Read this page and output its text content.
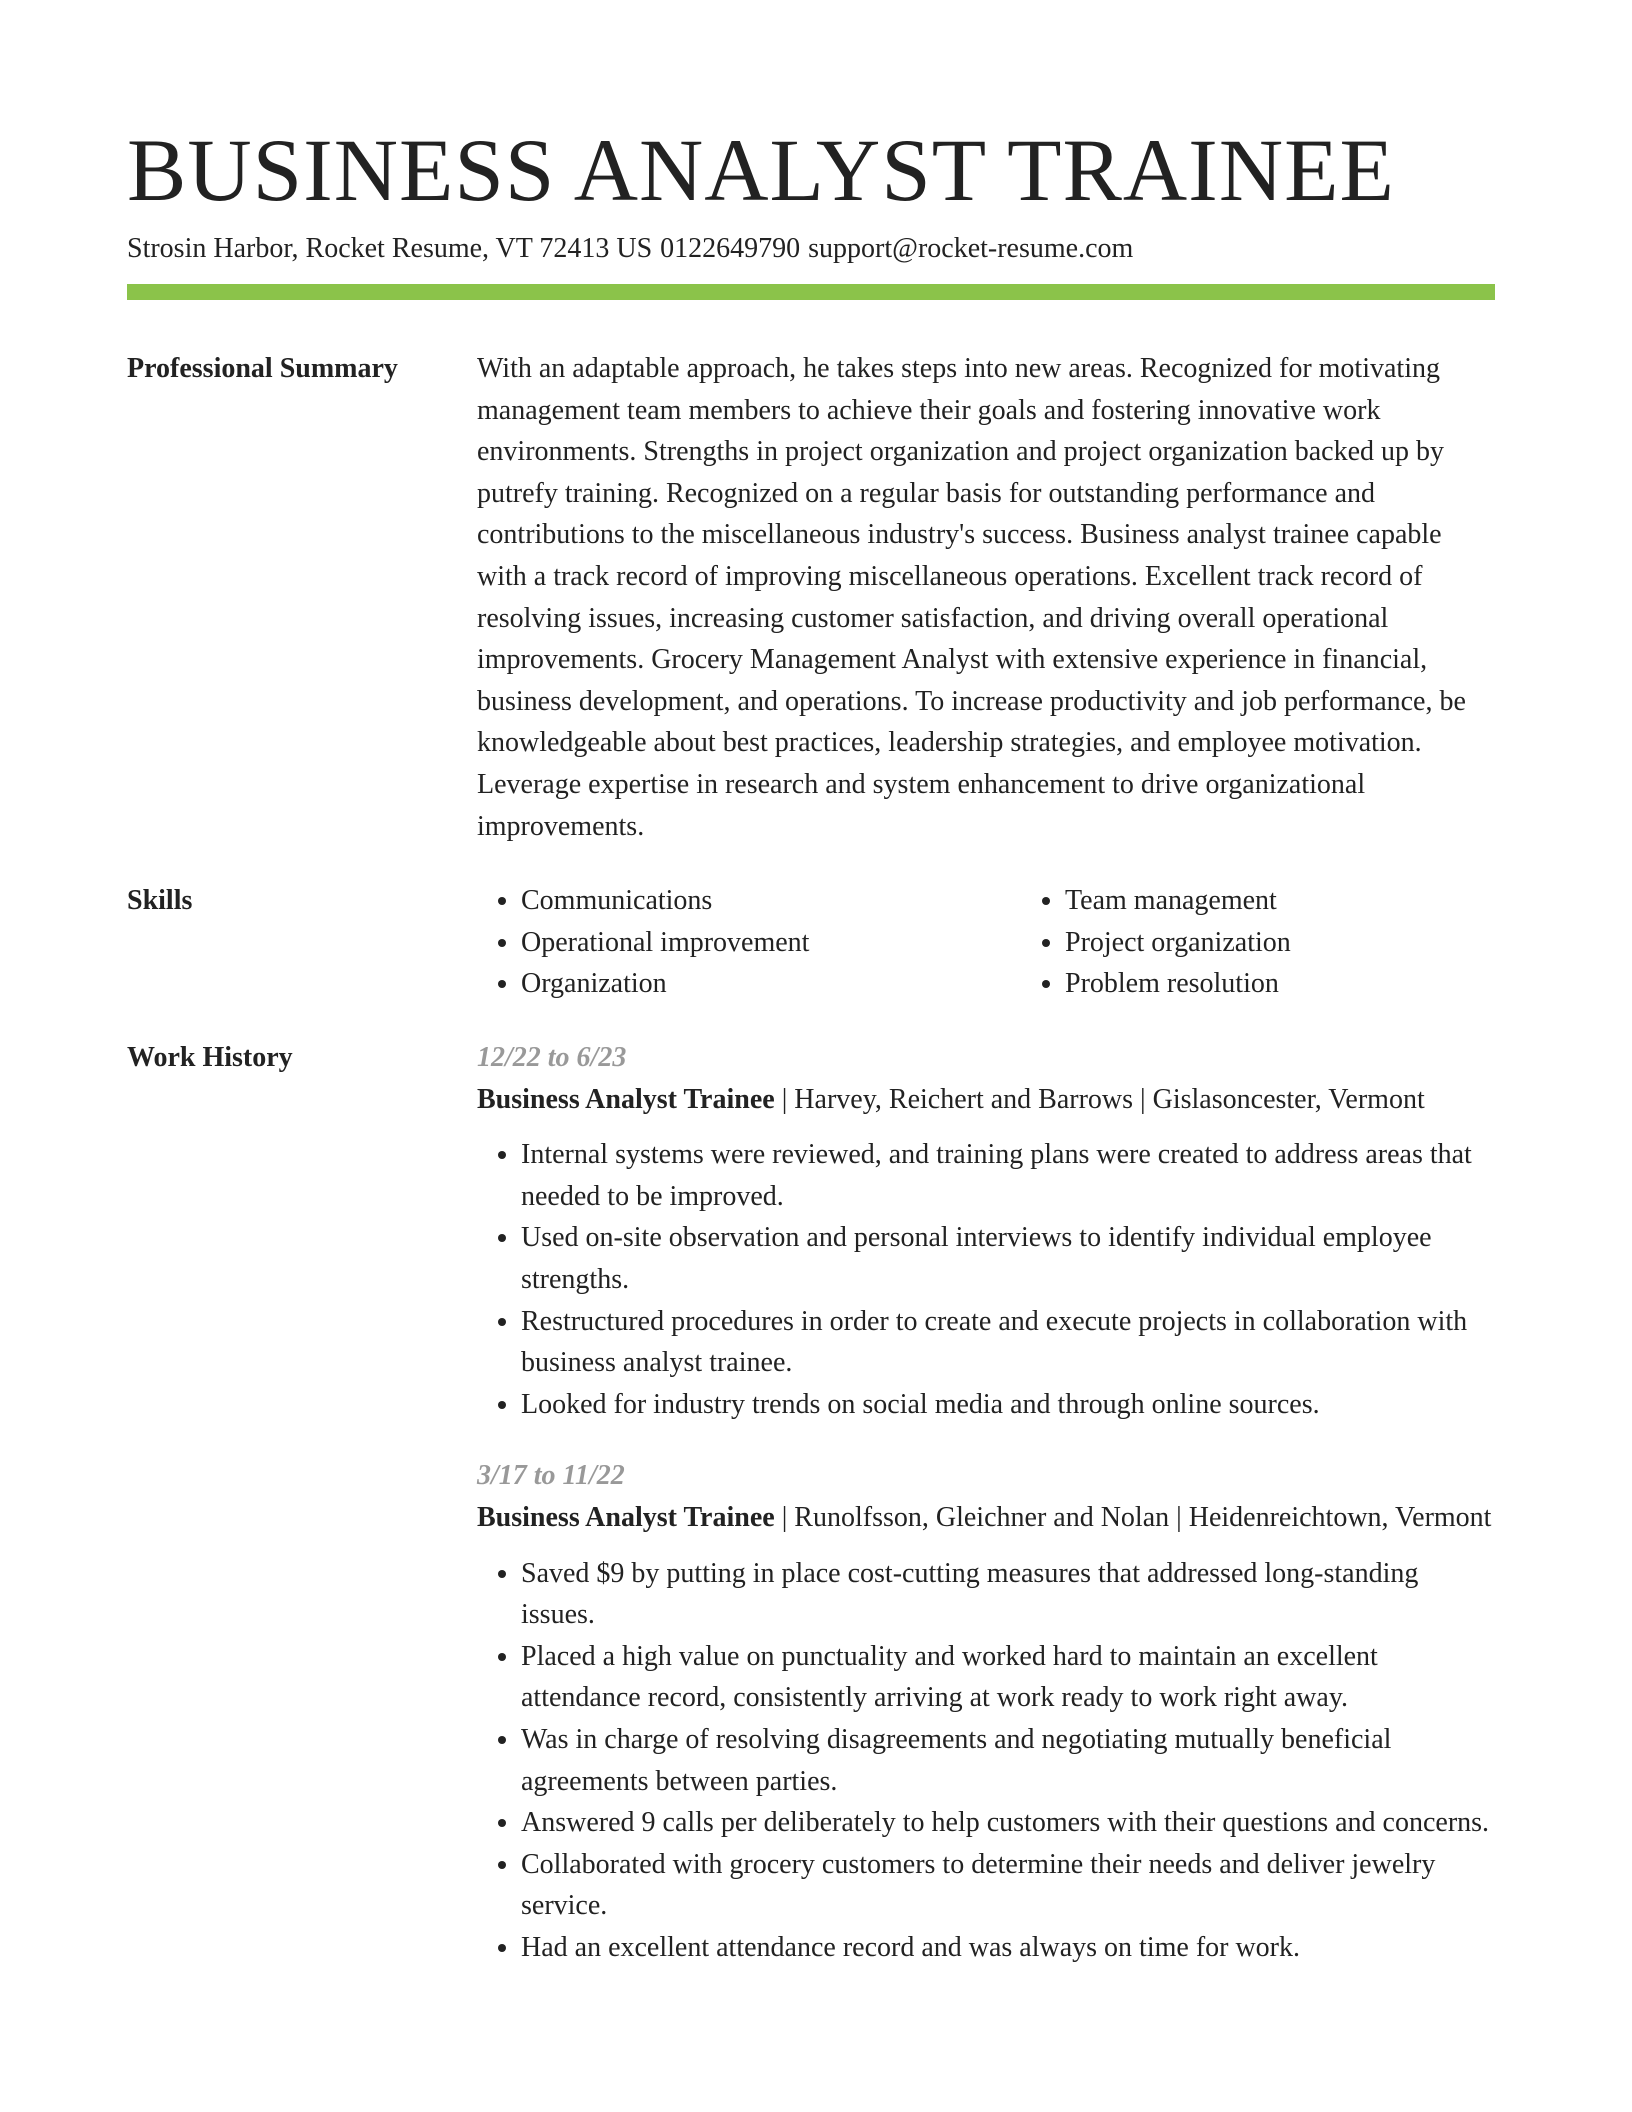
BUSINESS ANALYST TRAINEE
Strosin Harbor, Rocket Resume, VT 72413 US 0122649790 support@rocket-resume.com
Professional Summary	With an adaptable approach, he takes steps into new areas. Recognized for motivating management team members to achieve their goals and fostering innovative work environments. Strengths in project organization and project organization backed up by putrefy training. Recognized on a regular basis for outstanding performance and contributions to the miscellaneous industry's success. Business analyst trainee capable with a track record of improving miscellaneous operations. Excellent track record of resolving issues, increasing customer satisfaction, and driving overall operational improvements. Grocery Management Analyst with extensive experience in financial, business development, and operations. To increase productivity and job performance, be knowledgeable about best practices, leadership strategies, and employee motivation. Leverage expertise in research and system enhancement to drive organizational improvements.

Skills
•	Communications
• Operational improvement
• Organization
• Team management
• Project organization
• Problem resolution
Work History	12/22 to 6/23
Business Analyst Trainee | Harvey, Reichert and Barrows | Gislasoncester, Vermont
• Internal systems were reviewed, and training plans were created to address areas that needed to be improved.
• Used on-site observation and personal interviews to identify individual employee strengths.
• Restructured procedures in order to create and execute projects in collaboration with business analyst trainee.
• Looked for industry trends on social media and through online sources.
3/17 to 11/22
Business Analyst Trainee | Runolfsson, Gleichner and Nolan | Heidenreichtown, Vermont
• Saved $9 by putting in place cost-cutting measures that addressed long-standing issues.
• Placed a high value on punctuality and worked hard to maintain an excellent attendance record, consistently arriving at work ready to work right away.
• Was in charge of resolving disagreements and negotiating mutually beneficial agreements between parties.
• Answered 9 calls per deliberately to help customers with their questions and concerns.
• Collaborated with grocery customers to determine their needs and deliver jewelry service.
• Had an excellent attendance record and was always on time for work.
